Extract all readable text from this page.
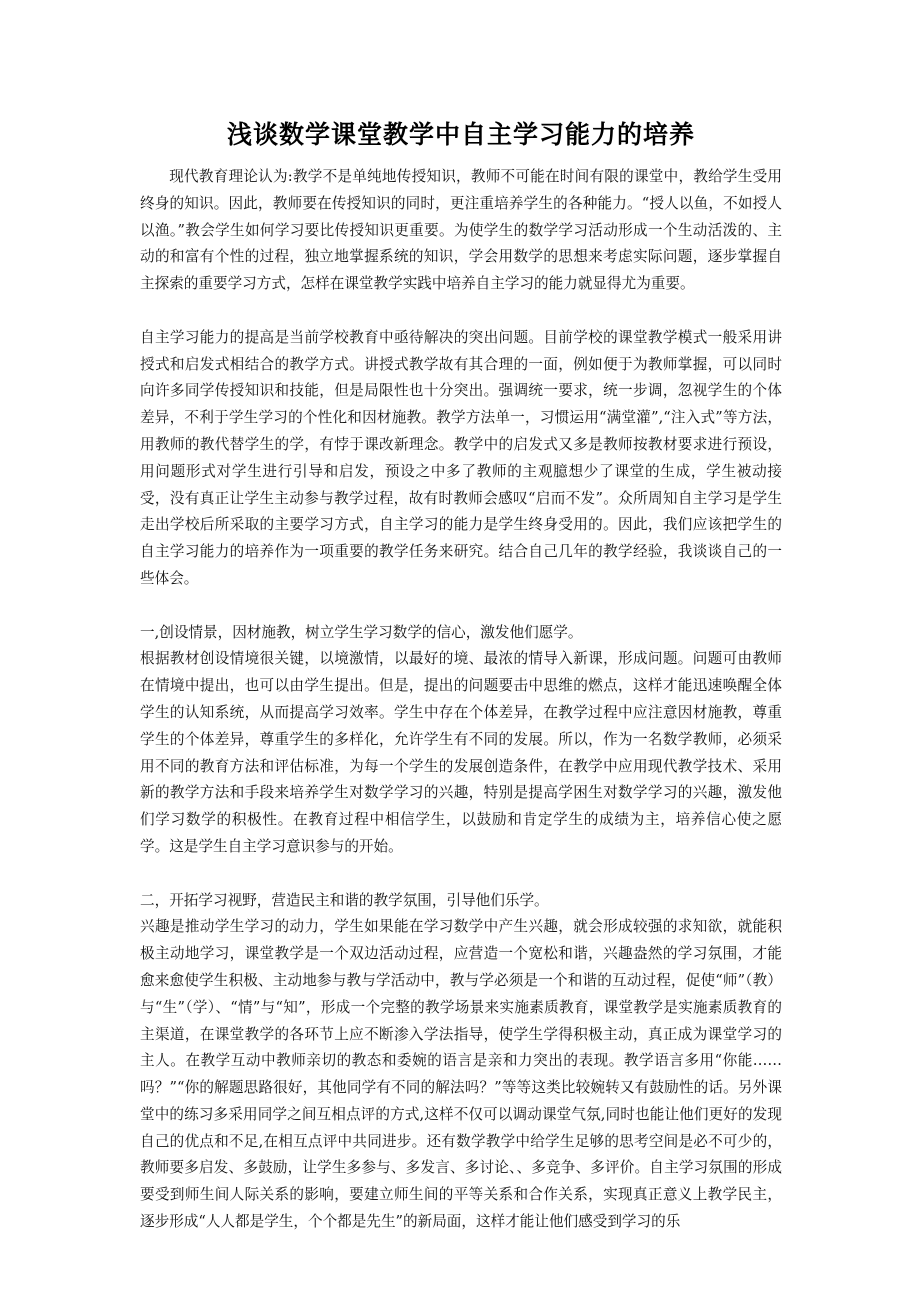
浅谈数学课堂教学中自主学习能力的培养

现代教育理论认为:教学不是单纯地传授知识，教师不可能在时间有限的课堂中，教给学生受用终身的知识。因此，教师要在传授知识的同时，更注重培养学生的各种能力。“授人以鱼，不如授人以渔。”教会学生如何学习要比传授知识更重要。为使学生的数学学习活动形成一个生动活泼的、主动的和富有个性的过程，独立地掌握系统的知识，学会用数学的思想来考虑实际问题，逐步掌握自主探索的重要学习方式，怎样在课堂教学实践中培养自主学习的能力就显得尤为重要。

自主学习能力的提高是当前学校教育中亟待解决的突出问题。目前学校的课堂教学模式一般采用讲授式和启发式相结合的教学方式。讲授式教学故有其合理的一面，例如便于为教师掌握，可以同时向许多同学传授知识和技能，但是局限性也十分突出。强调统一要求，统一步调，忽视学生的个体差异，不利于学生学习的个性化和因材施教。教学方法单一，习惯运用“满堂灌”,“注入式”等方法，用教师的教代替学生的学，有悖于课改新理念。教学中的启发式又多是教师按教材要求进行预设，用问题形式对学生进行引导和启发，预设之中多了教师的主观臆想少了课堂的生成，学生被动接受，没有真正让学生主动参与教学过程，故有时教师会感叹“启而不发”。众所周知自主学习是学生走出学校后所采取的主要学习方式，自主学习的能力是学生终身受用的。因此，我们应该把学生的自主学习能力的培养作为一项重要的教学任务来研究。结合自己几年的教学经验，我谈谈自己的一些体会。

一,创设情景，因材施教，树立学生学习数学的信心，激发他们愿学。

根据教材创设情境很关键，以境激情，以最好的境、最浓的情导入新课，形成问题。问题可由教师在情境中提出，也可以由学生提出。但是，提出的问题要击中思维的燃点，这样才能迅速唤醒全体学生的认知系统，从而提高学习效率。学生中存在个体差异，在教学过程中应注意因材施教，尊重学生的个体差异，尊重学生的多样化，允许学生有不同的发展。所以，作为一名数学教师，必须采用不同的教育方法和评估标准，为每一个学生的发展创造条件，在教学中应用现代教学技术、采用新的教学方法和手段来培养学生对数学学习的兴趣，特别是提高学困生对数学学习的兴趣，激发他们学习数学的积极性。在教育过程中相信学生，以鼓励和肯定学生的成绩为主，培养信心使之愿学。这是学生自主学习意识参与的开始。

二，开拓学习视野，营造民主和谐的教学氛围，引导他们乐学。

兴趣是推动学生学习的动力，学生如果能在学习数学中产生兴趣，就会形成较强的求知欲，就能积极主动地学习，课堂教学是一个双边活动过程，应营造一个宽松和谐，兴趣盎然的学习氛围，才能愈来愈使学生积极、主动地参与教与学活动中，教与学必须是一个和谐的互动过程，促使“师”（教）与“生”（学）、“情”与“知”，形成一个完整的教学场景来实施素质教育，课堂教学是实施素质教育的主渠道，在课堂教学的各环节上应不断渗入学法指导，使学生学得积极主动，真正成为课堂学习的主人。在教学互动中教师亲切的教态和委婉的语言是亲和力突出的表现。教学语言多用“你能……吗？”“你的解题思路很好，其他同学有不同的解法吗？”等等这类比较婉转又有鼓励性的话。另外课堂中的练习多采用同学之间互相点评的方式,这样不仅可以调动课堂气氛,同时也能让他们更好的发现自己的优点和不足,在相互点评中共同进步。还有数学教学中给学生足够的思考空间是必不可少的，教师要多启发、多鼓励，让学生多参与、多发言、多讨论、、多竞争、多评价。自主学习氛围的形成要受到师生间人际关系的影响，要建立师生间的平等关系和合作关系，实现真正意义上教学民主，逐步形成“人人都是学生，个个都是先生”的新局面，这样才能让他们感受到学习的乐
